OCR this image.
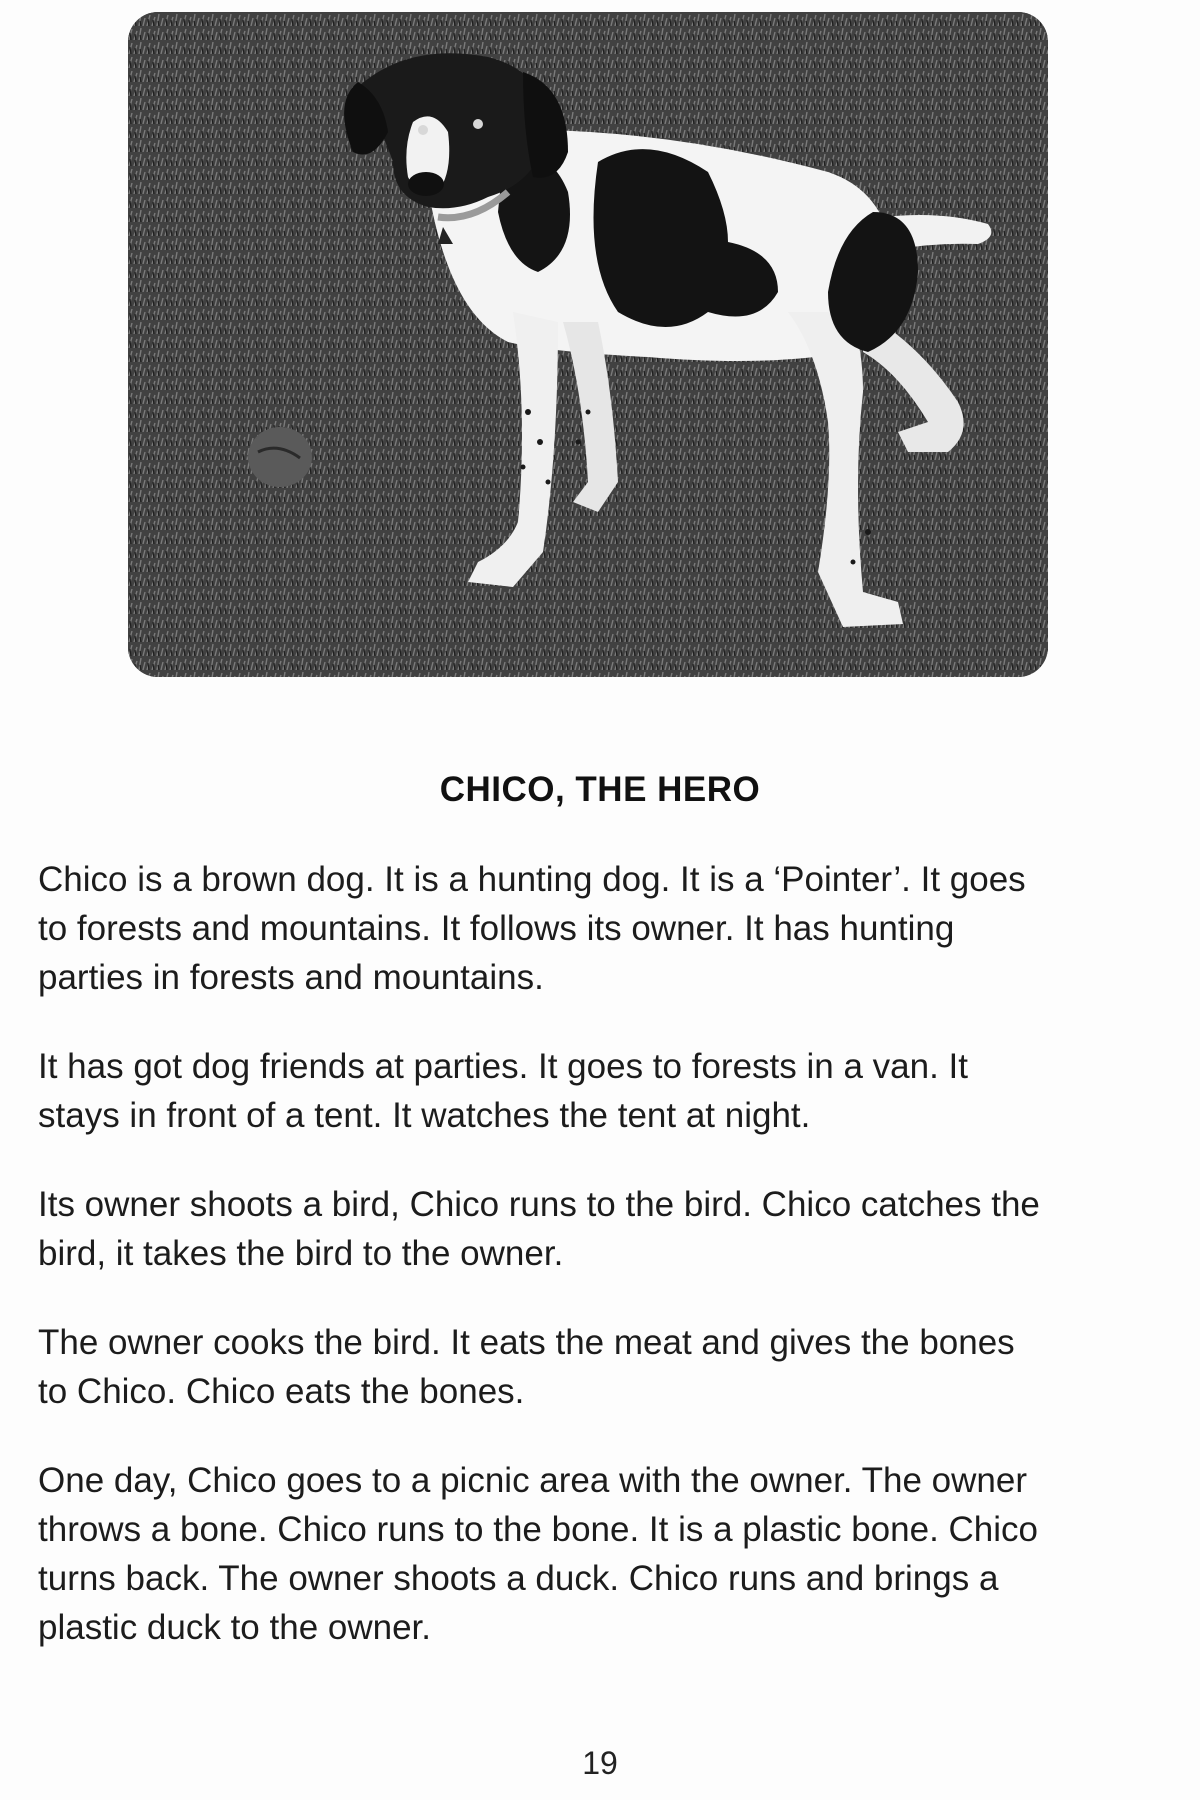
CHICO, THE HERO

Chico is a brown dog. It is a hunting dog. It is a ‘Pointer’. It goes
to forests and mountains. It follows its owner. It has hunting
parties in forests and mountains.

It has got dog friends at parties. It goes to forests in a van. It
stays in front of a tent. It watches the tent at night.

Its owner shoots a bird, Chico runs to the bird. Chico catches the
bird, it takes the bird to the owner.

The owner cooks the bird. It eats the meat and gives the bones
to Chico. Chico eats the bones.

One day, Chico goes to a picnic area with the owner. The owner
throws a bone. Chico runs to the bone. It is a plastic bone. Chico
turns back. The owner shoots a duck. Chico runs and brings a
plastic duck to the owner.

19
